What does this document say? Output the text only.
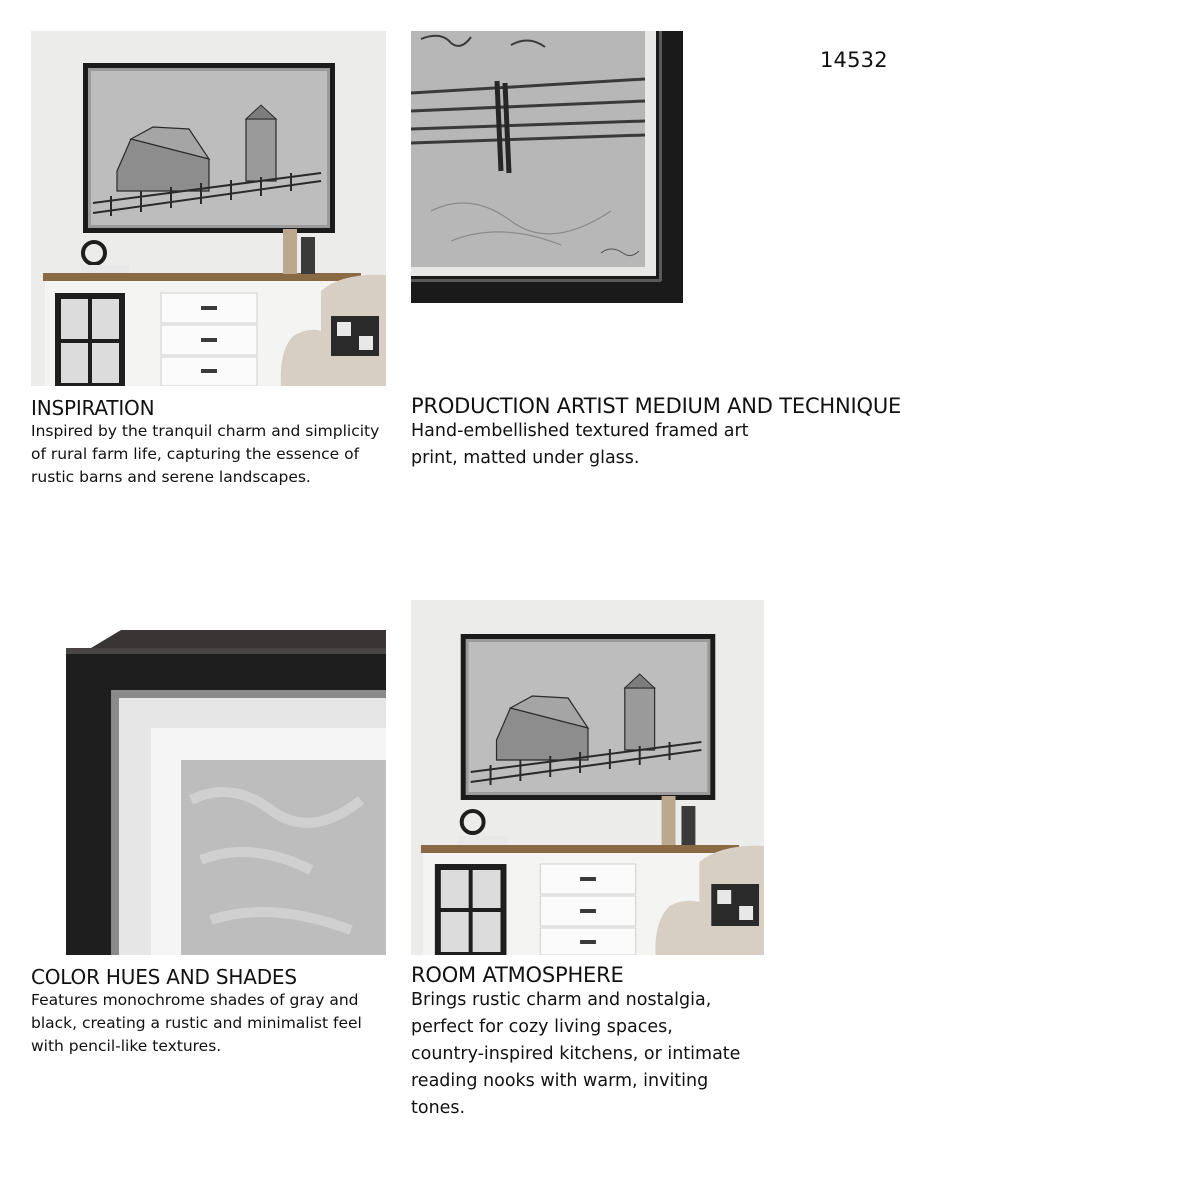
14532
INSPIRATION

Inspired by the tranquil charm and simplicity
of rural farm life, capturing the essence of
rustic barns and serene landscapes.

PRODUCTION ARTIST MEDIUM AND TECHNIQUE

Hand-embellished textured framed art
print, matted under glass.

COLOR HUES AND SHADES

Features monochrome shades of gray and
black, creating a rustic and minimalist feel
with pencil-like textures.

ROOM ATMOSPHERE

Brings rustic charm and nostalgia,
perfect for cozy living spaces,
country-inspired kitchens, or intimate
reading nooks with warm, inviting
tones.
